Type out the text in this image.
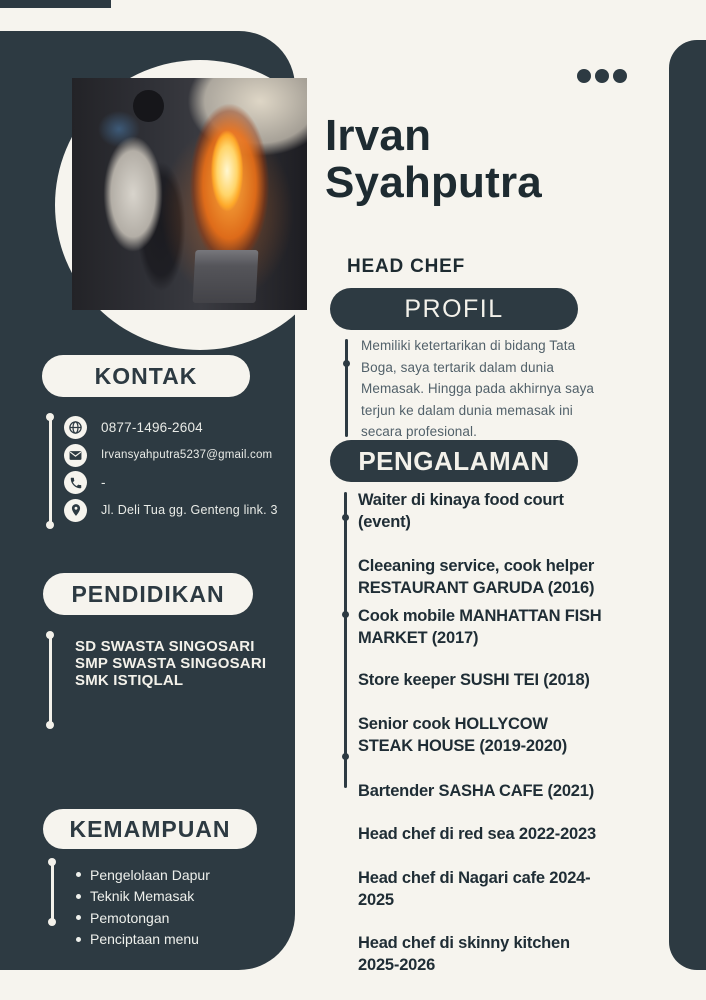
KONTAK
0877-1496-2604
Irvansyahputra5237@gmail.com
-
Jl. Deli Tua gg. Genteng link. 3
PENDIDIKAN
SD SWASTA SINGOSARI
SMP SWASTA SINGOSARI
SMK ISTIQLAL
KEMAMPUAN
Pengelolaan Dapur
Teknik Memasak
Pemotongan
Penciptaan menu
Irvan
Syahputra
HEAD CHEF
PROFIL
Memiliki ketertarikan di bidang Tata Boga, saya tertarik dalam dunia Memasak. Hingga pada akhirnya saya terjun ke dalam dunia memasak ini secara profesional.
PENGALAMAN
Waiter di kinaya food court (event)
Cleeaning service, cook helper RESTAURANT GARUDA (2016)
Cook mobile MANHATTAN FISH MARKET (2017)
Store keeper SUSHI TEI (2018)
Senior cook HOLLYCOW STEAK HOUSE (2019-2020)
Bartender SASHA CAFE (2021)
Head chef di red sea 2022-2023
Head chef di Nagari cafe 2024-2025
Head chef di skinny kitchen 2025-2026
